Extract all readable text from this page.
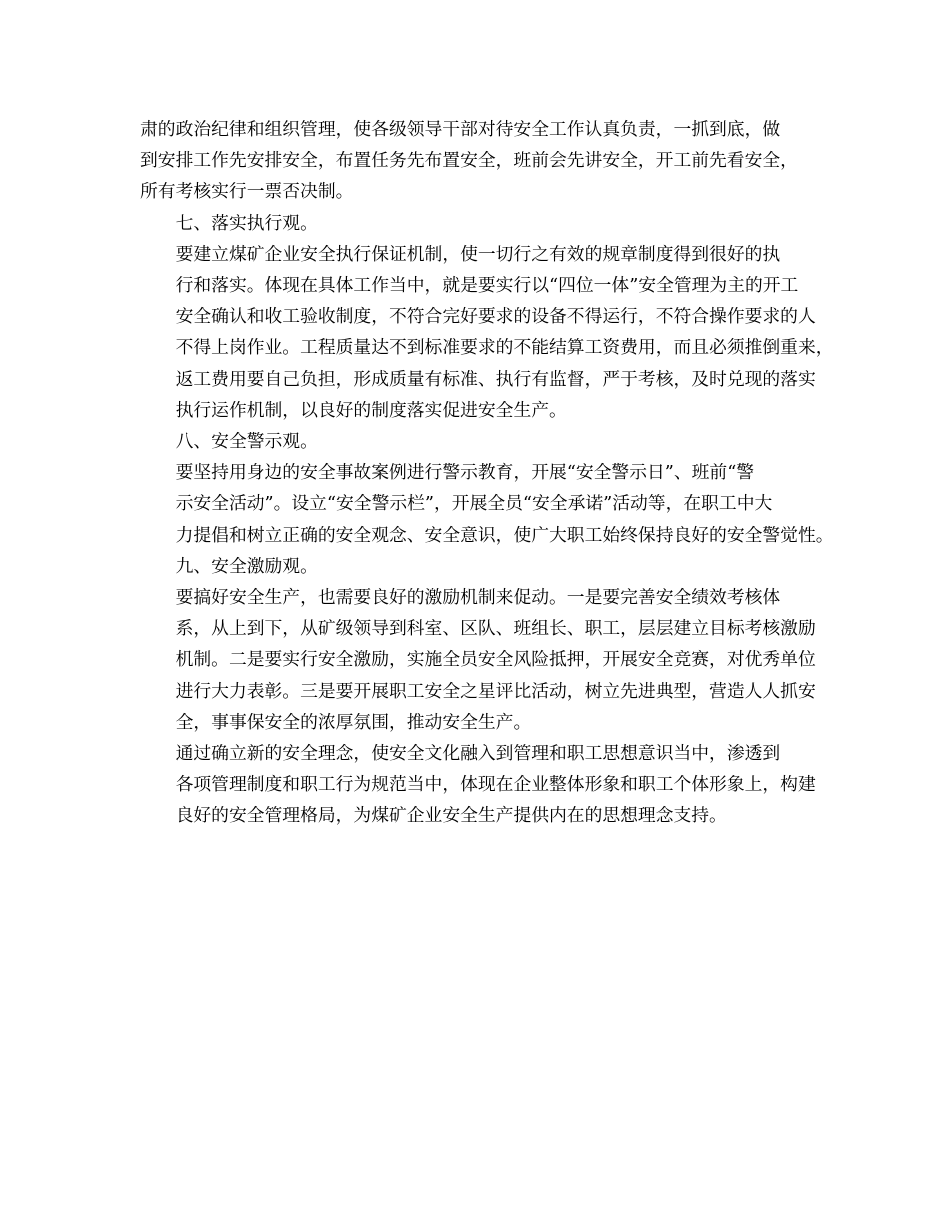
肃的政治纪律和组织管理，使各级领导干部对待安全工作认真负责，一抓到底，做
到安排工作先安排安全，布置任务先布置安全，班前会先讲安全，开工前先看安全，
所有考核实行一票否决制。

七、落实执行观。

要建立煤矿企业安全执行保证机制，使一切行之有效的规章制度得到很好的执
行和落实。体现在具体工作当中，就是要实行以“四位一体”安全管理为主的开工
安全确认和收工验收制度，不符合完好要求的设备不得运行，不符合操作要求的人
不得上岗作业。工程质量达不到标准要求的不能结算工资费用，而且必须推倒重来，
返工费用要自己负担，形成质量有标准、执行有监督，严于考核，及时兑现的落实
执行运作机制，以良好的制度落实促进安全生产。

八、安全警示观。

要坚持用身边的安全事故案例进行警示教育，开展“安全警示日”、班前“警
示安全活动”。设立“安全警示栏”，开展全员“安全承诺”活动等，在职工中大
力提倡和树立正确的安全观念、安全意识，使广大职工始终保持良好的安全警觉性。

九、安全激励观。

要搞好安全生产，也需要良好的激励机制来促动。一是要完善安全绩效考核体
系，从上到下，从矿级领导到科室、区队、班组长、职工，层层建立目标考核激励
机制。二是要实行安全激励，实施全员安全风险抵押，开展安全竞赛，对优秀单位
进行大力表彰。三是要开展职工安全之星评比活动，树立先进典型，营造人人抓安
全，事事保安全的浓厚氛围，推动安全生产。

通过确立新的安全理念，使安全文化融入到管理和职工思想意识当中，渗透到
各项管理制度和职工行为规范当中，体现在企业整体形象和职工个体形象上，构建
良好的安全管理格局，为煤矿企业安全生产提供内在的思想理念支持。
